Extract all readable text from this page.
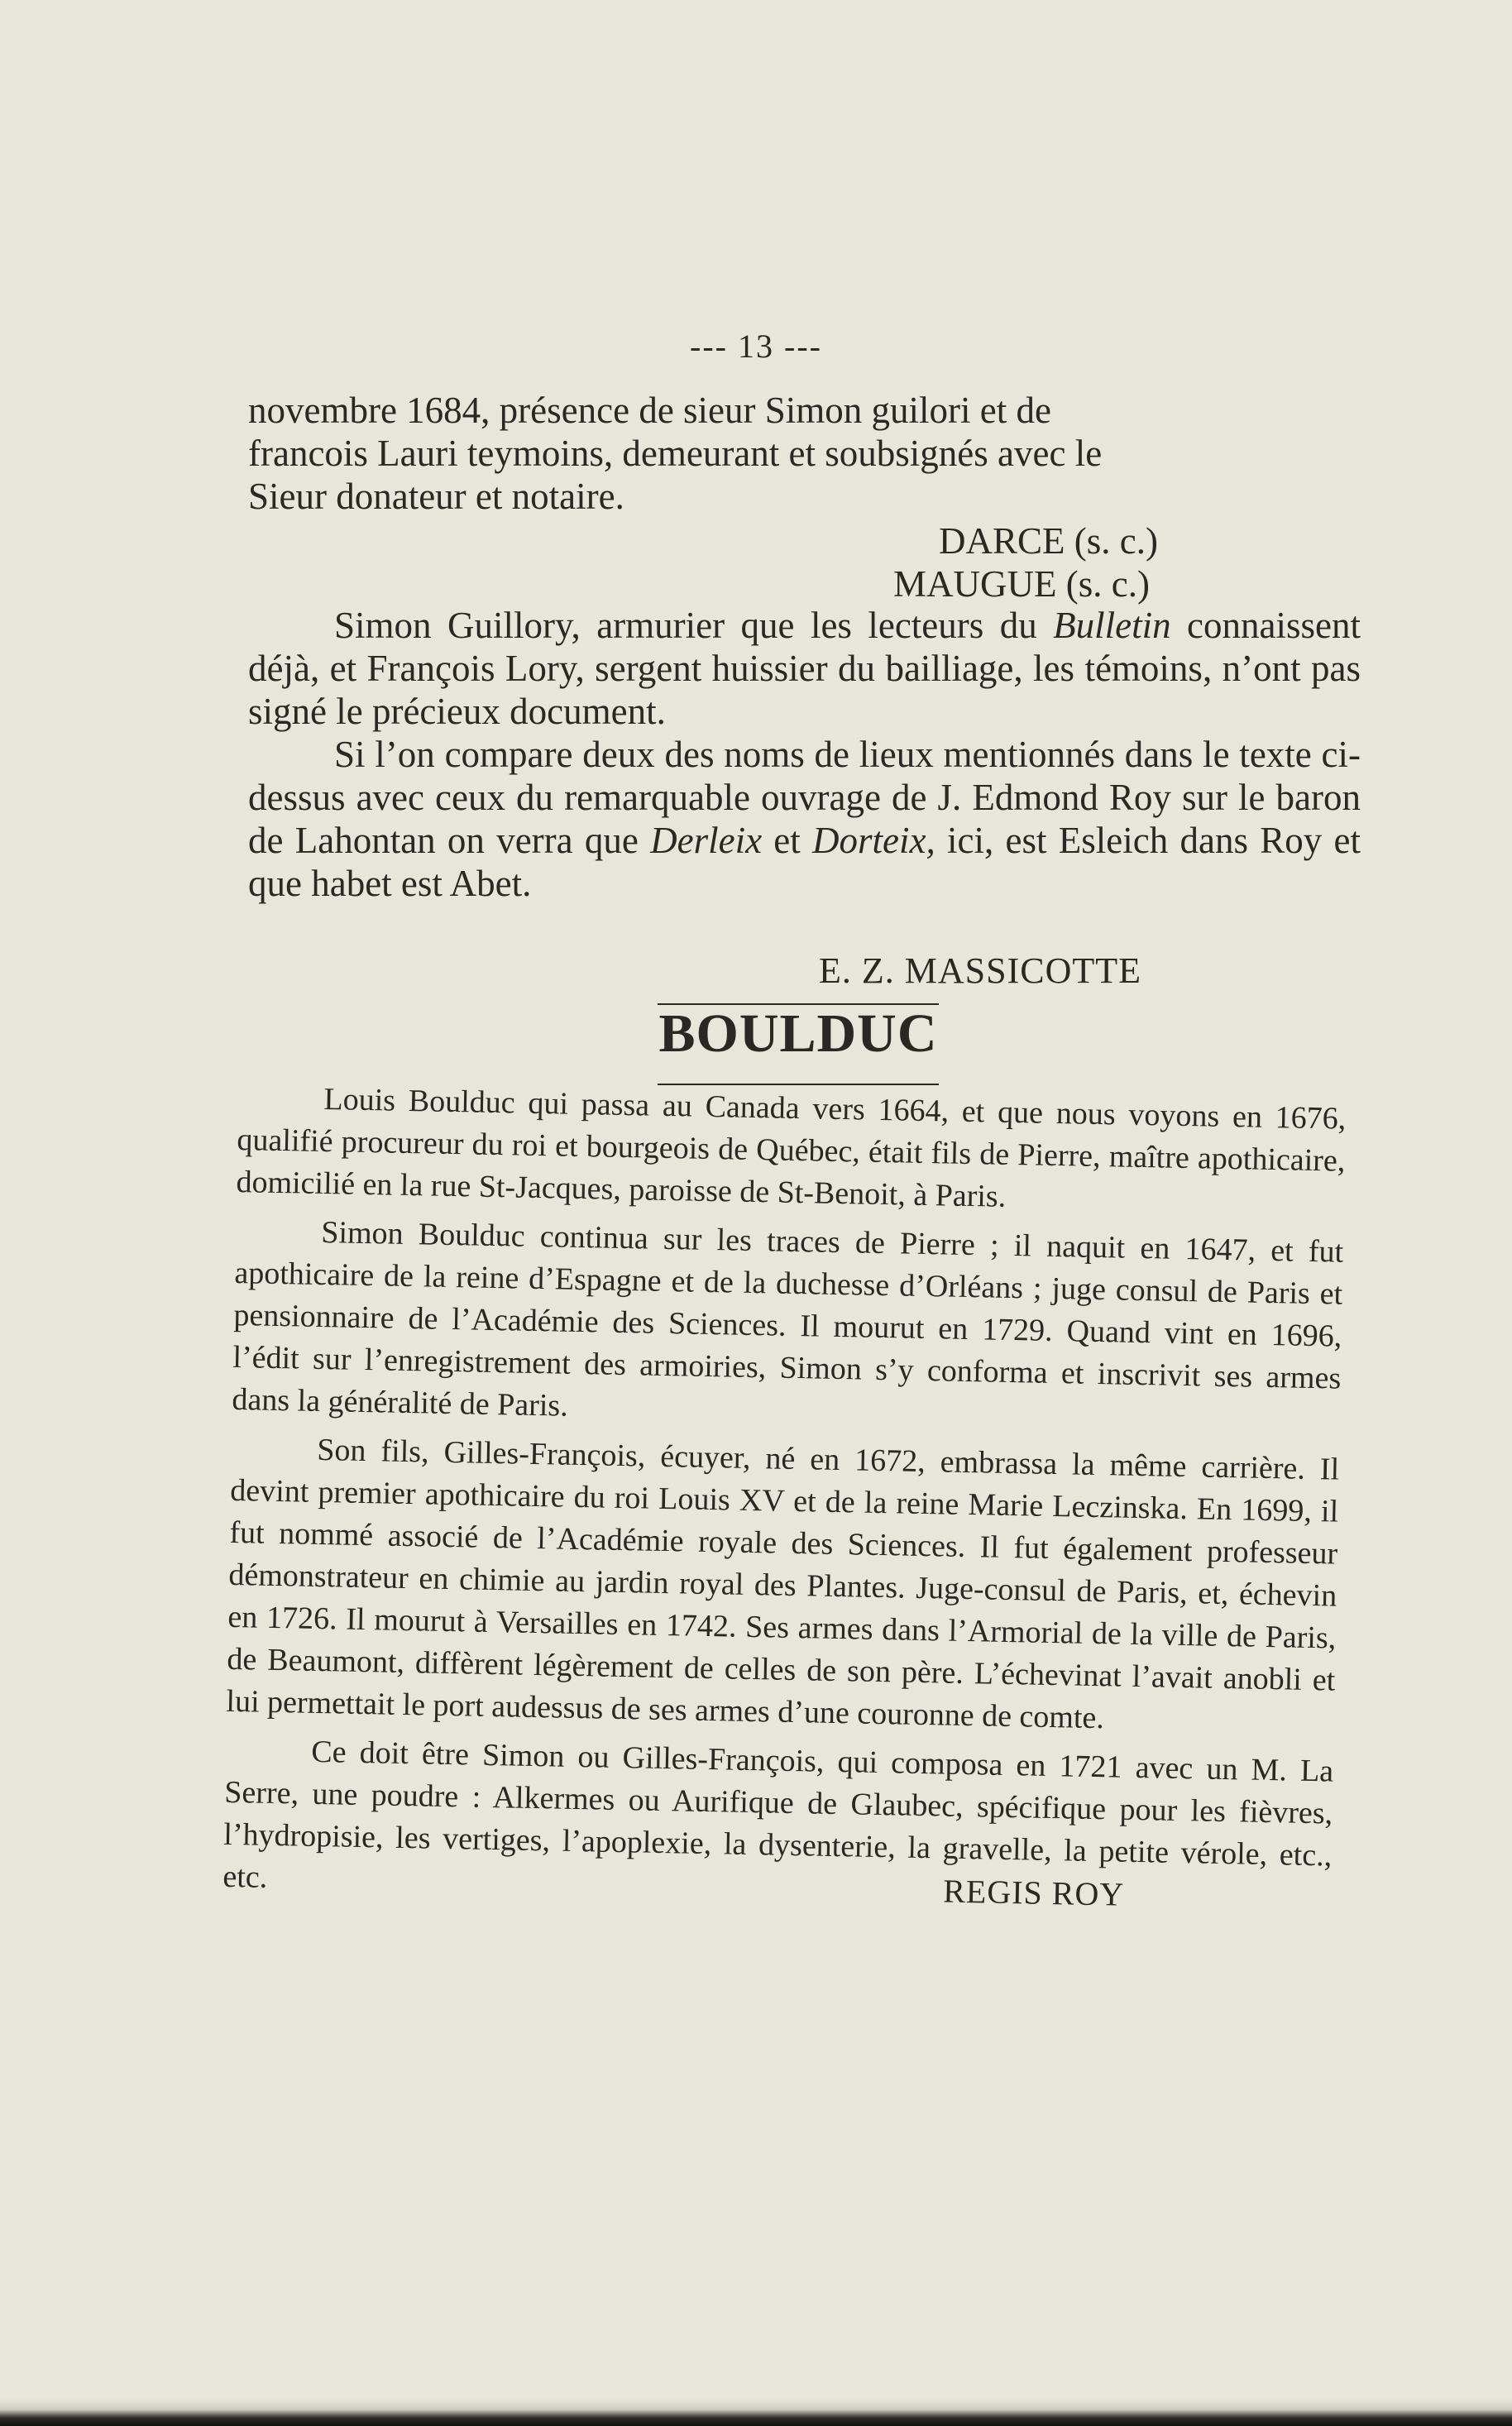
--- 13 ---

novembre 1684, présence de sieur Simon guilori et de

francois Lauri teymoins, demeurant et soubsignés avec le

Sieur donateur et notaire.

DARCE (s. c.)
MAUGUE (s. c.)

Simon Guillory, armurier que les lecteurs du Bulletin connaissent déjà, et François Lory, sergent huissier du bailliage, les témoins, n’ont pas signé le précieux document.

Si l’on compare deux des noms de lieux mentionnés dans le texte ci-dessus avec ceux du remarquable ouvrage de J. Edmond Roy sur le baron de Lahontan on verra que Derleix et Dorteix, ici, est Esleich dans Roy et que habet est Abet.

E. Z. MASSICOTTE
BOULDUC

Louis Boulduc qui passa au Canada vers 1664, et que nous voyons en 1676, qualifié procureur du roi et bourgeois de Québec, était fils de Pierre, maître apothicaire, domicilié en la rue St-Jacques, paroisse de St-Benoit, à Paris.

Simon Boulduc continua sur les traces de Pierre ; il naquit en 1647, et fut apothicaire de la reine d’Espagne et de la duchesse d’Orléans ; juge consul de Paris et pensionnaire de l’Académie des Sciences. Il mourut en 1729. Quand vint en 1696, l’édit sur l’enregistrement des armoiries, Simon s’y conforma et inscrivit ses armes dans la généralité de Paris.

Son fils, Gilles-François, écuyer, né en 1672, embrassa la même carrière. Il devint premier apothicaire du roi Louis XV et de la reine Marie Leczinska. En 1699, il fut nommé associé de l’Académie royale des Sciences. Il fut également professeur démonstrateur en chimie au jardin royal des Plantes. Juge-consul de Paris, et, échevin en 1726. Il mourut à Versailles en 1742. Ses armes dans l’Armorial de la ville de Paris, de Beaumont, diffèrent légèrement de celles de son père. L’échevinat l’avait anobli et lui permettait le port audessus de ses armes d’une couronne de comte.

Ce doit être Simon ou Gilles-François, qui composa en 1721 avec un M. La Serre, une poudre : Alkermes ou Aurifique de Glaubec, spécifique pour les fièvres, l’hydropisie, les vertiges, l’apoplexie, la dysenterie, la gravelle, la petite vérole, etc., etc.	REGIS ROY
